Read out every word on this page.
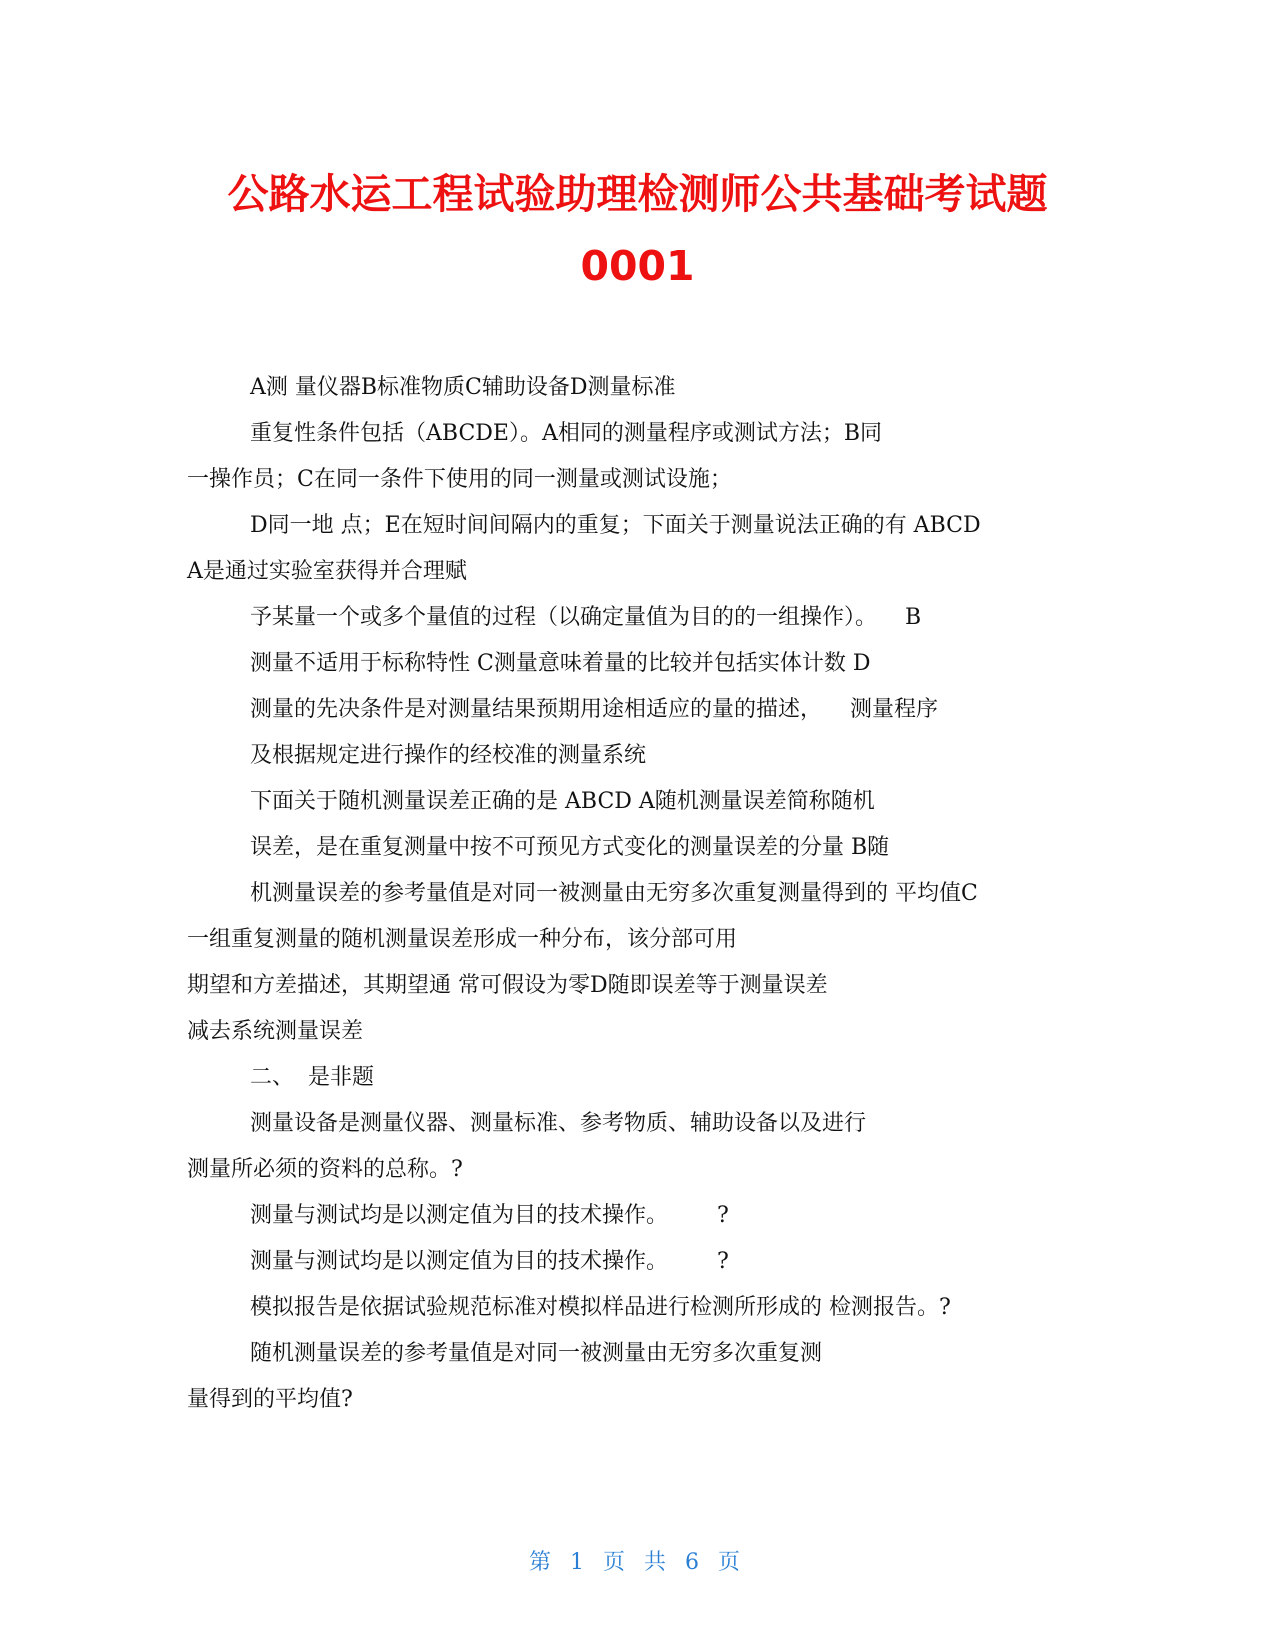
公路水运工程试验助理检测师公共基础考试题
0001
A测 量仪器B标准物质C辅助设备D测量标准
重复性条件包括（ABCDE）。A相同的测量程序或测试方法；B同
一操作员；C在同一条件下使用的同一测量或测试设施；
D同一地 点；E在短时间间隔内的重复；下面关于测量说法正确的有 ABCD
A是通过实验室获得并合理赋
予某量一个或多个量值的过程（以确定量值为目的的一组操作）。    B
测量不适用于标称特性 C测量意味着量的比较并包括实体计数 D
测量的先决条件是对测量结果预期用途相适应的量的描述，    测量程序
及根据规定进行操作的经校准的测量系统
下面关于随机测量误差正确的是 ABCD A随机测量误差简称随机
误差，是在重复测量中按不可预见方式变化的测量误差的分量 B随
机测量误差的参考量值是对同一被测量由无穷多次重复测量得到的 平均值C
一组重复测量的随机测量误差形成一种分布，该分部可用
期望和方差描述，其期望通 常可假设为零D随即误差等于测量误差
减去系统测量误差
二、  是非题
测量设备是测量仪器、测量标准、参考物质、辅助设备以及进行
测量所必须的资料的总称。?
测量与测试均是以测定值为目的技术操作。       ?
测量与测试均是以测定值为目的技术操作。       ?
模拟报告是依据试验规范标准对模拟样品进行检测所形成的 检测报告。?
随机测量误差的参考量值是对同一被测量由无穷多次重复测
量得到的平均值?
第 1 页 共 6 页
